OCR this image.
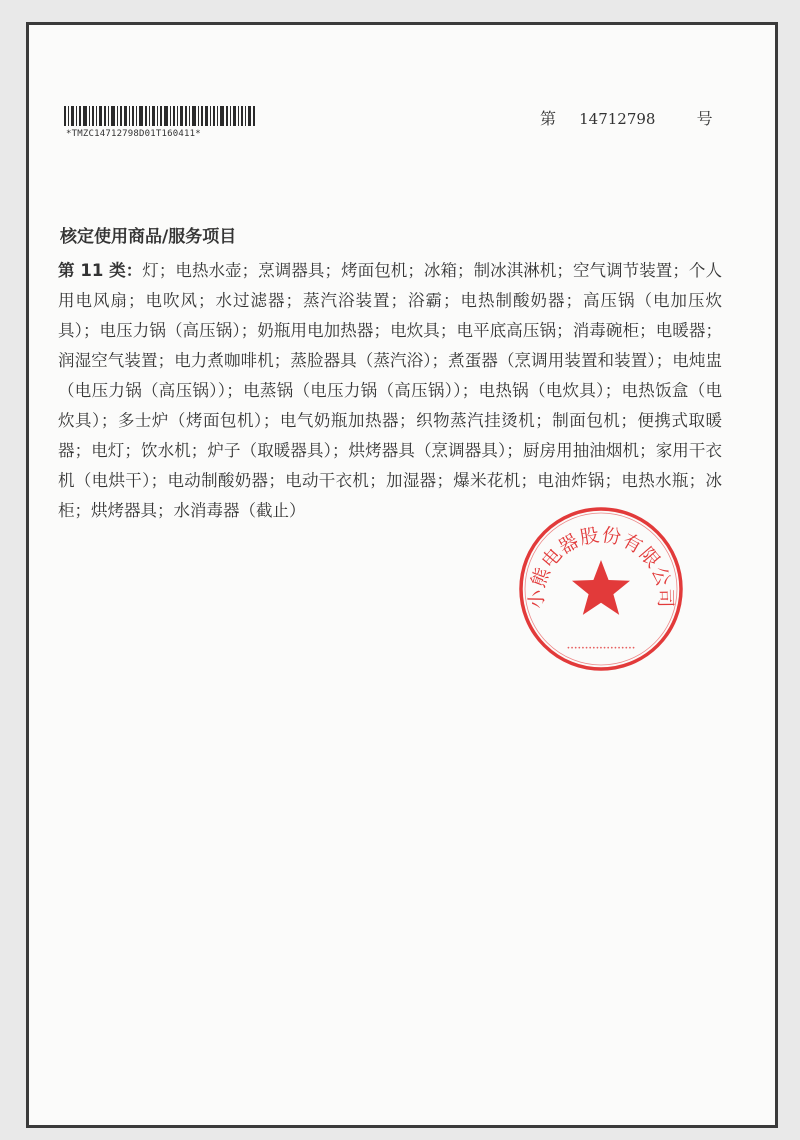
*TMZC14712798D01T160411*
第 14712798	号
核定使用商品/服务项目
第 11 类：灯；电热水壶；烹调器具；烤面包机；冰箱；制冰淇淋机；空气调节装置；个人用电风扇；电吹风；水过滤器；蒸汽浴装置；浴霸；电热制酸奶器；高压锅（电加压炊具）；电压力锅（高压锅）；奶瓶用电加热器；电炊具；电平底高压锅；消毒碗柜；电暖器；润湿空气装置；电力煮咖啡机；蒸脸器具（蒸汽浴）；煮蛋器（烹调用装置和装置）；电炖盅（电压力锅（高压锅））；电蒸锅（电压力锅（高压锅））；电热锅（电炊具）；电热饭盒（电炊具）；多士炉（烤面包机）；电气奶瓶加热器；织物蒸汽挂烫机；制面包机；便携式取暖器；电灯；饮水机；炉子（取暖器具）；烘烤器具（烹调器具）；厨房用抽油烟机；家用干衣机（电烘干）；电动制酸奶器；电动干衣机；加湿器；爆米花机；电油炸锅；电热水瓶；冰柜；烘烤器具；水消毒器（截止）
小熊电器股份有限公司
•••••••••••••••••••
